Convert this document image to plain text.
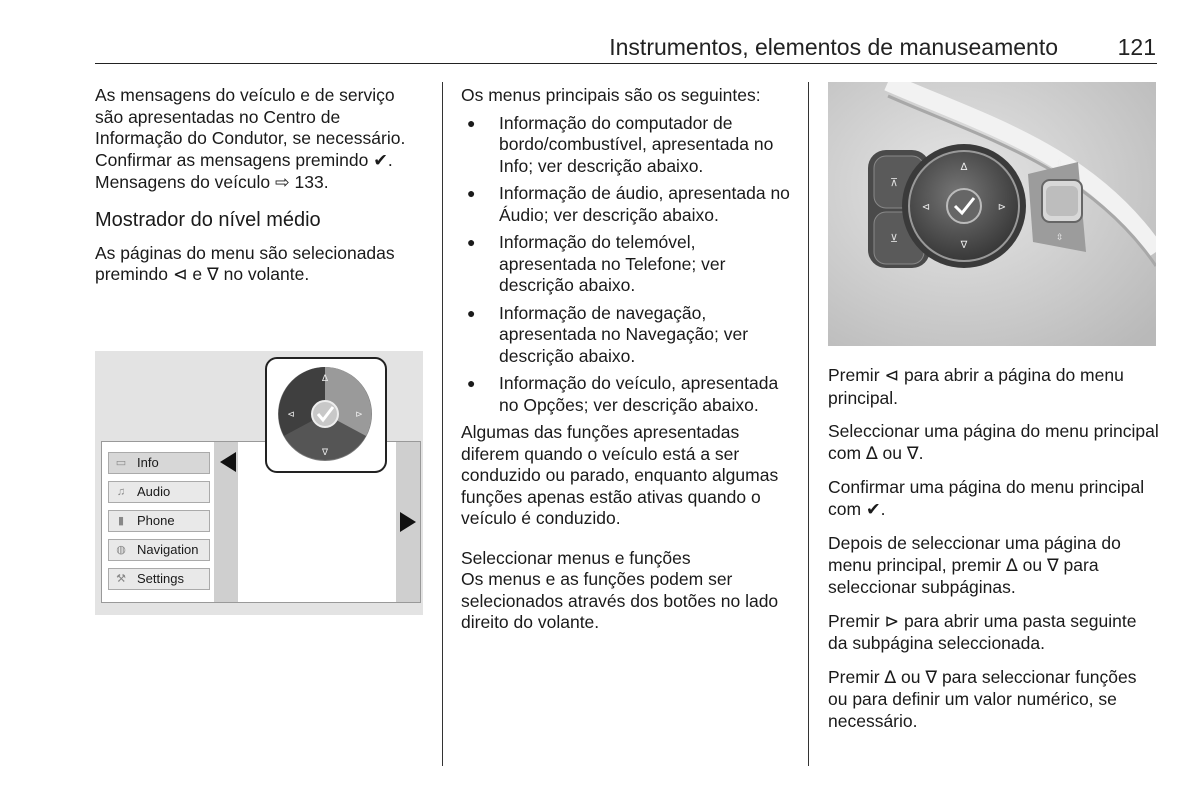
Instrumentos, elementos de manuseamento	121

As mensagens do veículo e de serviço são apresentadas no Centro de Informação do Condutor, se necessário. Confirmar as mensagens premindo ✔. Mensagens do veículo ⇨ 133.

Mostrador do nível médio

As páginas do menu são selecionadas premindo ⊲ e ∇ no volante.

▭ Info
♫ Audio
▮ Phone
◍ Navigation
⚒ Settings
∆
∇
⊲	⊳

Os menus principais são os seguintes:

● Informação do computador de bordo/combustível, apresentada no Info; ver descrição abaixo.
● Informação de áudio, apresentada no Áudio; ver descrição abaixo.
● Informação do telemóvel, apresentada no Telefone; ver descrição abaixo.
● Informação de navegação, apresentada no Navegação; ver descrição abaixo.
● Informação do veículo, apresentada no Opções; ver descrição abaixo.

Algumas das funções apresentadas diferem quando o veículo está a ser conduzido ou parado, enquanto algumas funções apenas estão ativas quando o veículo é conduzido.

Seleccionar menus e funções

Os menus e as funções podem ser selecionados através dos botões no lado direito do volante.

⊼
⊻
∆
∇
⊲	⊳
⇳
⇳

Premir ⊲ para abrir a página do menu principal.

Seleccionar uma página do menu principal com ∆ ou ∇.

Confirmar uma página do menu principal com ✔.

Depois de seleccionar uma página do menu principal, premir ∆ ou ∇ para seleccionar subpáginas.

Premir ⊳ para abrir uma pasta seguinte da subpágina seleccionada.

Premir ∆ ou ∇ para seleccionar funções ou para definir um valor numérico, se necessário.
